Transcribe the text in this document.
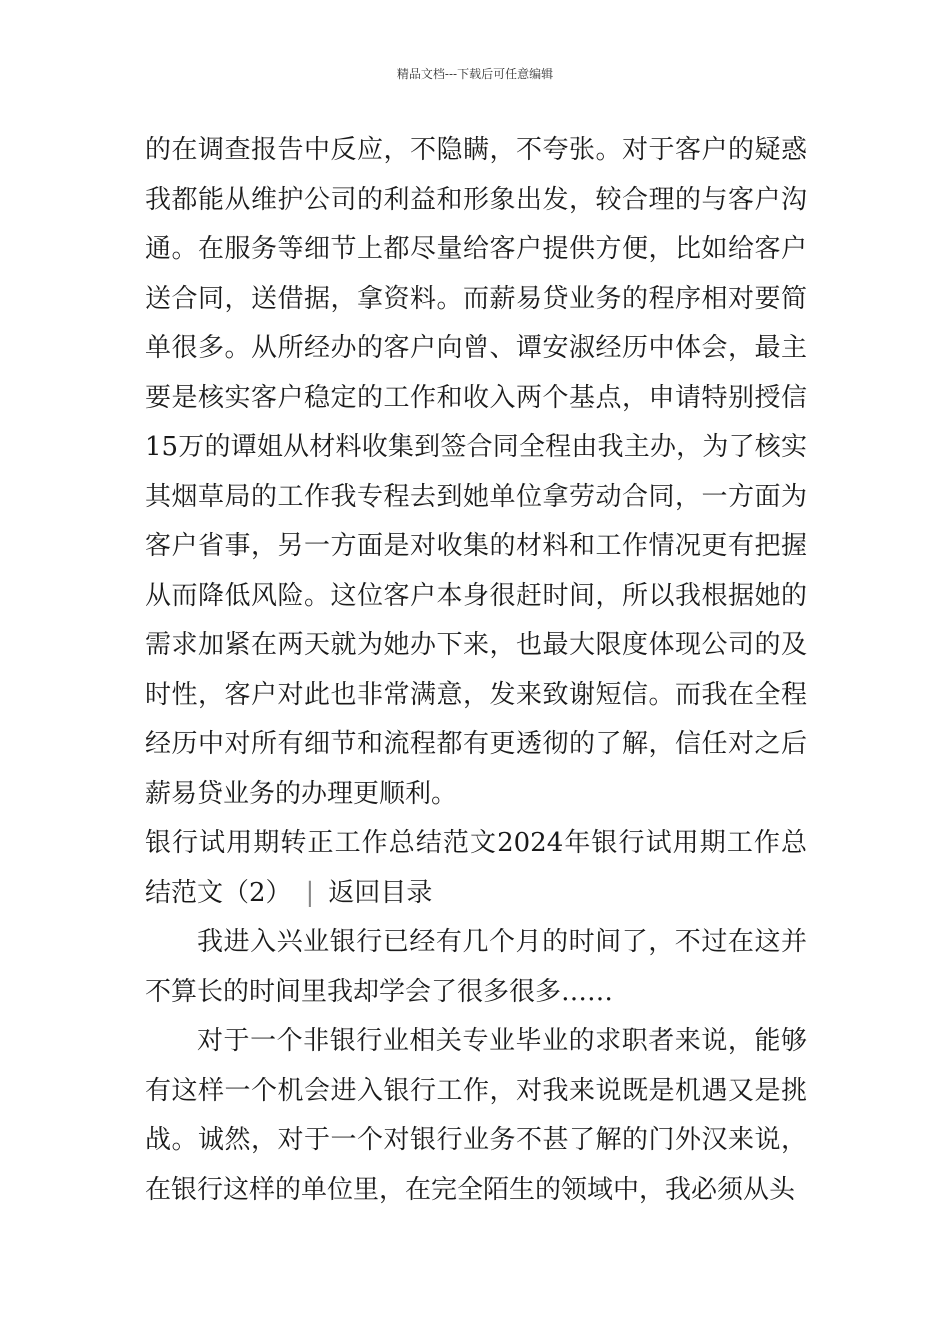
精品文档---下载后可任意编辑

的在调查报告中反应，不隐瞒，不夸张。对于客户的疑惑我都能从维护公司的利益和形象出发，较合理的与客户沟通。在服务等细节上都尽量给客户提供方便，比如给客户送合同，送借据，拿资料。而薪易贷业务的程序相对要简单很多。从所经办的客户向曾、谭安淑经历中体会，最主要是核实客户稳定的工作和收入两个基点，申请特别授信15万的谭姐从材料收集到签合同全程由我主办，为了核实其烟草局的工作我专程去到她单位拿劳动合同，一方面为客户省事，另一方面是对收集的材料和工作情况更有把握从而降低风险。这位客户本身很赶时间，所以我根据她的需求加紧在两天就为她办下来，也最大限度体现公司的及时性，客户对此也非常满意，发来致谢短信。而我在全程经历中对所有细节和流程都有更透彻的了解，信任对之后薪易贷业务的办理更顺利。

银行试用期转正工作总结范文2024年银行试用期工作总结范文（2） | 返回目录

我进入兴业银行已经有几个月的时间了，不过在这并不算长的时间里我却学会了很多很多……

对于一个非银行业相关专业毕业的求职者来说，能够有这样一个机会进入银行工作，对我来说既是机遇又是挑战。诚然，对于一个对银行业务不甚了解的门外汉来说，在银行这样的单位里，在完全陌生的领域中，我必须从头
